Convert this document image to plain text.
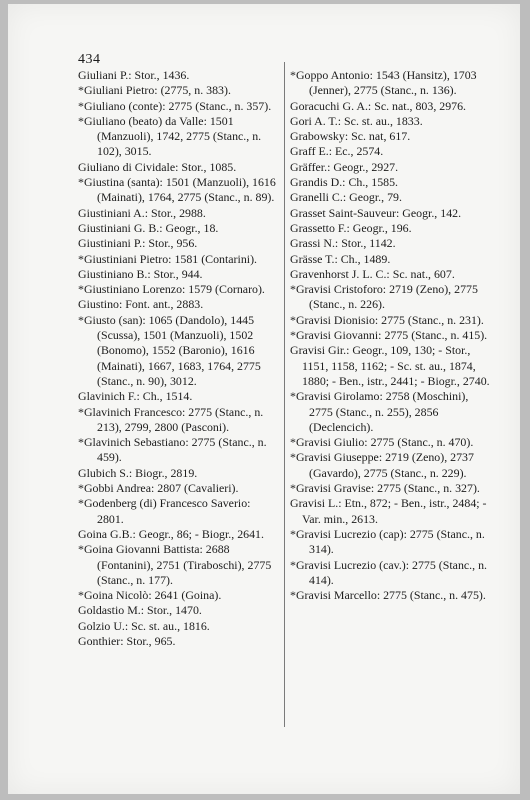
434

Giuliani P.: Stor., 1436.

*Giuliani Pietro: (2775, n. 383).

*Giuliano (conte): 2775 (Stanc., n. 357).

*Giuliano (beato) da Valle: 1501 (Manzuoli), 1742, 2775 (Stanc., n. 102), 3015.

Giuliano di Cividale: Stor., 1085.

*Giustina (santa): 1501 (Manzuoli), 1616 (Mainati), 1764, 2775 (Stanc., n. 89).

Giustiniani A.: Stor., 2988.

Giustiniani G. B.: Geogr., 18.

Giustiniani P.: Stor., 956.

*Giustiniani Pietro: 1581 (Contarini).

Giustiniano B.: Stor., 944.

*Giustiniano Lorenzo: 1579 (Cornaro).

Giustino: Font. ant., 2883.

*Giusto (san): 1065 (Dandolo), 1445 (Scussa), 1501 (Manzuoli), 1502 (Bonomo), 1552 (Baronio), 1616 (Mainati), 1667, 1683, 1764, 2775 (Stanc., n. 90), 3012.

Glavinich F.: Ch., 1514.

*Glavinich Francesco: 2775 (Stanc., n. 213), 2799, 2800 (Pasconi).

*Glavinich Sebastiano: 2775 (Stanc., n. 459).

Glubich S.: Biogr., 2819.

*Gobbi Andrea: 2807 (Cavalieri).

*Godenberg (di) Francesco Saverio: 2801.

Goina G.B.: Geogr., 86; - Biogr., 2641.

*Goina Giovanni Battista: 2688 (Fontanini), 2751 (Tiraboschi), 2775 (Stanc., n. 177).

*Goina Nicolò: 2641 (Goina).

Goldastio M.: Stor., 1470.

Golzio U.: Sc. st. au., 1816.

Gonthier: Stor., 965.

*Goppo Antonio: 1543 (Hansitz), 1703 (Jenner), 2775 (Stanc., n. 136).

Goracuchi G. A.: Sc. nat., 803, 2976.

Gori A. T.: Sc. st. au., 1833.

Grabowsky: Sc. nat, 617.

Graff E.: Ec., 2574.

Gräffer.: Geogr., 2927.

Grandis D.: Ch., 1585.

Granelli C.: Geogr., 79.

Grasset Saint-Sauveur: Geogr., 142.

Grassetto F.: Geogr., 196.

Grassi N.: Stor., 1142.

Grässe T.: Ch., 1489.

Gravenhorst J. L. C.: Sc. nat., 607.

*Gravisi Cristoforo: 2719 (Zeno), 2775 (Stanc., n. 226).

*Gravisi Dionisio: 2775 (Stanc., n. 231).

*Gravisi Giovanni: 2775 (Stanc., n. 415).

Gravisi Gir.: Geogr., 109, 130; - Stor., 1151, 1158, 1162; - Sc. st. au., 1874, 1880; - Ben., istr., 2441; - Biogr., 2740.

*Gravisi Girolamo: 2758 (Moschini), 2775 (Stanc., n. 255), 2856 (Declencich).

*Gravisi Giulio: 2775 (Stanc., n. 470).

*Gravisi Giuseppe: 2719 (Zeno), 2737 (Gavardo), 2775 (Stanc., n. 229).

*Gravisi Gravise: 2775 (Stanc., n. 327).

Gravisi L.: Etn., 872; - Ben., istr., 2484; - Var. min., 2613.

*Gravisi Lucrezio (cap): 2775 (Stanc., n. 314).

*Gravisi Lucrezio (cav.): 2775 (Stanc., n. 414).

*Gravisi Marcello: 2775 (Stanc., n. 475).
